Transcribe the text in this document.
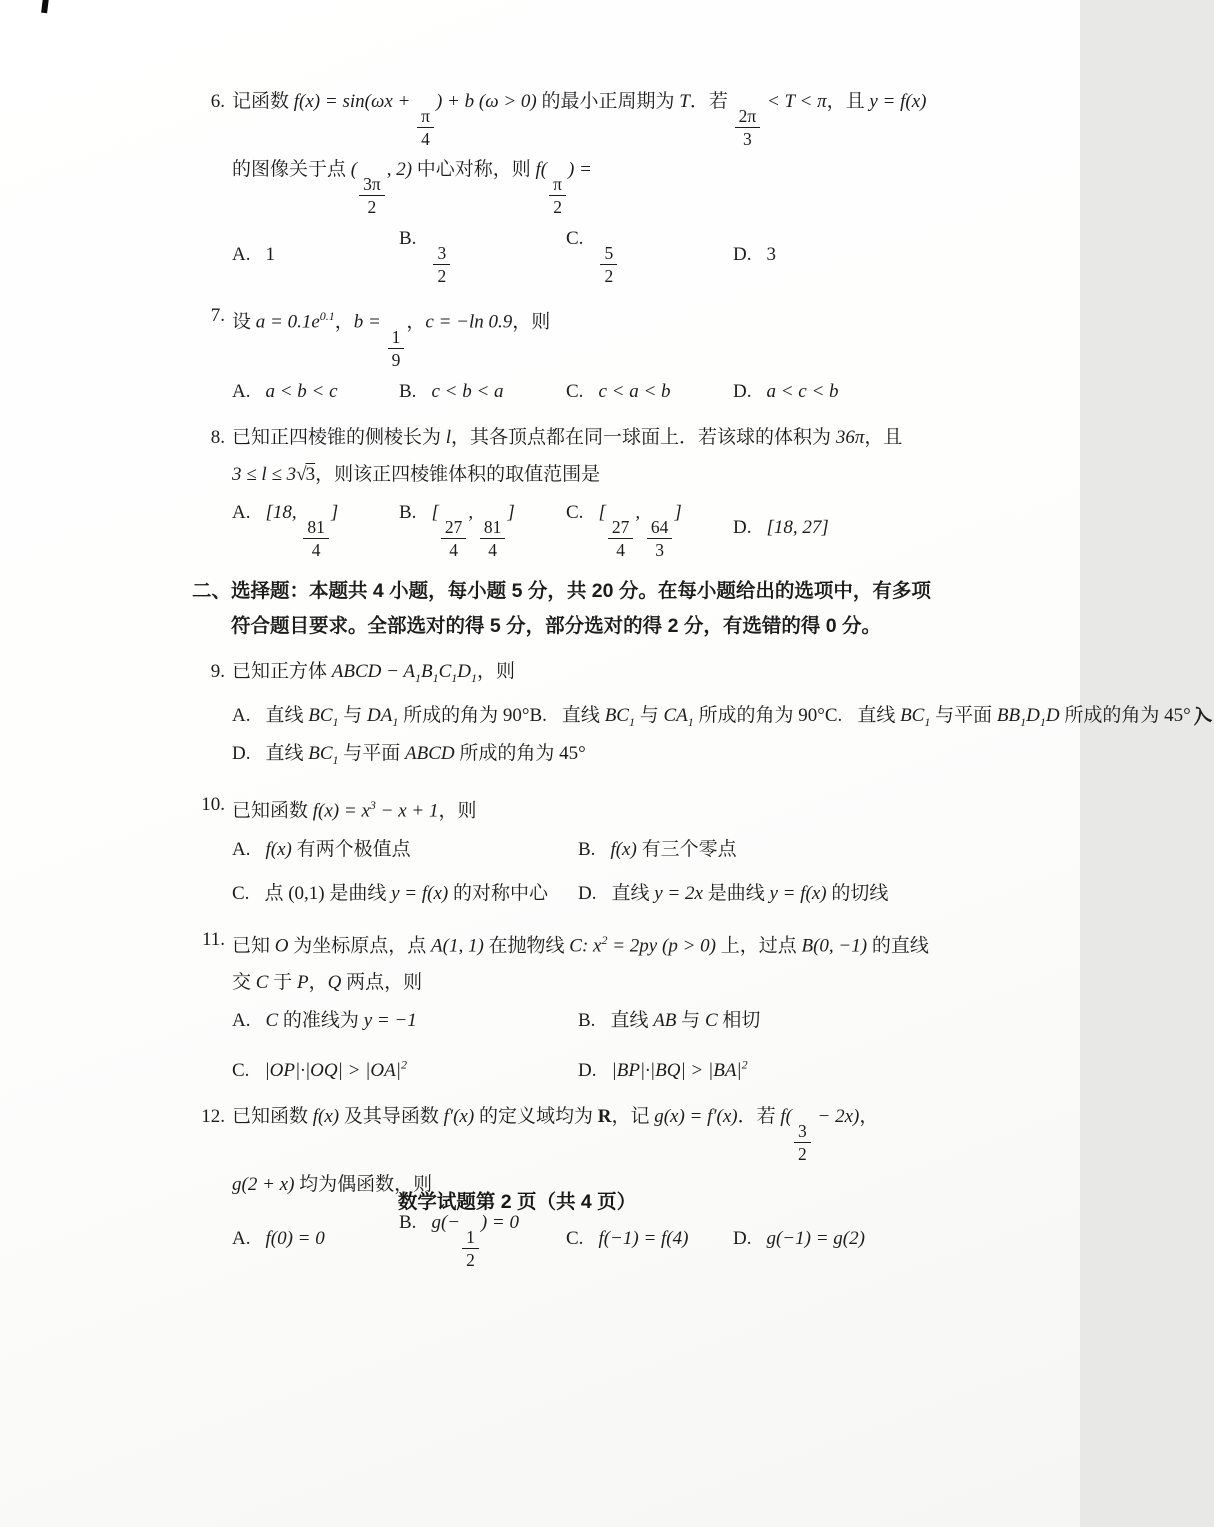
6. 记函数 f(x) = sin(ωx +
$\frac{\pi}{4}$
) + b (ω > 0) 的最小正周期为 T．若
$\frac{2\pi}{3}$
< T < π，且 y = f(x)
的图像关于点 (
$\frac{3\pi}{2}$
, 2) 中心对称，则 f(
$\frac{\pi}{2}$
) =
A. 1
B.
$\frac{3}{2}$
C.
$\frac{5}{2}$	D. 3
7. 设 $a = 0.1e^{0.1}$，b =
$\frac{1}{9}$
，c = −ln 0.9，则
A. a < b < c	B. c < b < a	C. c < a < b	D. a < c < b
8. 已知正四棱锥的侧棱长为 l，其各顶点都在同一球面上．若该球的体积为 36π，且
3 ≤ l ≤ 3√3，则该正四棱锥体积的取值范围是
A. [18,
$\frac{81}{4}$
]	B. [
$\frac{27}{4}$
,
$\frac{81}{4}$
]	C. [
$\frac{27}{4}$
,
$\frac{64}{3}$
]
D. [18, 27]
二、选择题：本题共 4 小题，每小题 5 分，共 20 分。在每小题给出的选项中，有多项
符合题目要求。全部选对的得 5 分，部分选对的得 2 分，有选错的得 0 分。
9. 已知正方体 ABCD − $A_1B_1C_1D_1$，则
A. 直线 $BC_1$ 与 $DA_1$ 所成的角为 90°B. 直线 $BC_1$ 与 $CA_1$ 所成的角为 90°C. 直线 $BC_1$ 与平面 $BB_1D_1D$ 所成的角为 45°入D. 直线 $BC_1$ 与平面 ABCD 所成的角为 45°
10. 已知函数 $f(x) = x^3 - x + 1$，则
A. f(x) 有两个极值点	B. f(x) 有三个零点
C. 点 (0,1) 是曲线 y = f(x) 的对称中心	D. 直线 y = 2x 是曲线 y = f(x) 的切线
11. 已知 O 为坐标原点，点 A(1, 1) 在抛物线 C: $x^2 = 2py$ (p > 0) 上，过点 B(0, −1) 的直线
交 C 于 P，Q 两点，则
A. C 的准线为 y = −1	B. 直线 AB 与 C 相切
C. $|OP|\cdot|OQ| > |OA|^2$	D. $|BP|\cdot|BQ| > |BA|^2$
12. 已知函数 f(x) 及其导函数 f′(x) 的定义域均为 R，记 g(x) = f′(x)．若 f(
$\frac{3}{2}$
− 2x)，
g(2 + x) 均为偶函数，则
A. f(0) = 0
B. g(−
$\frac{1}{2}$
) = 0
C. f(−1) = f(4)	D. g(−1) = g(2)
数学试题第 2 页（共 4 页）
